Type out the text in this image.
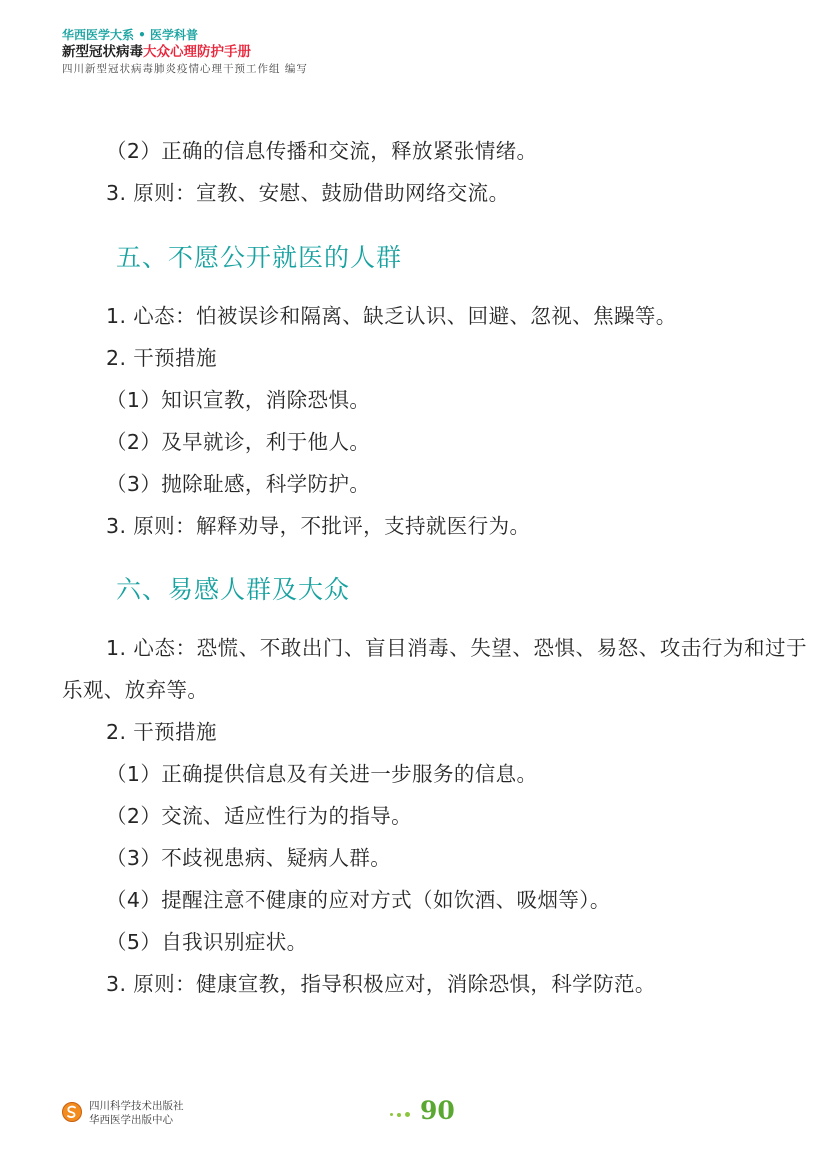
华西医学大系 • 医学科普
新型冠状病毒大众心理防护手册
四川新型冠状病毒肺炎疫情心理干预工作组 编写
（2）正确的信息传播和交流，释放紧张情绪。
3. 原则：宣教、安慰、鼓励借助网络交流。
五、不愿公开就医的人群
1. 心态：怕被误诊和隔离、缺乏认识、回避、忽视、焦躁等。
2. 干预措施
（1）知识宣教，消除恐惧。
（2）及早就诊，利于他人。
（3）抛除耻感，科学防护。
3. 原则：解释劝导，不批评，支持就医行为。
六、易感人群及大众
1. 心态：恐慌、不敢出门、盲目消毒、失望、恐惧、易怒、攻击行为和过于乐观、放弃等。
2. 干预措施
（1）正确提供信息及有关进一步服务的信息。
（2）交流、适应性行为的指导。
（3）不歧视患病、疑病人群。
（4）提醒注意不健康的应对方式（如饮酒、吸烟等）。
（5）自我识别症状。
3. 原则：健康宣教，指导积极应对，消除恐惧，科学防范。
四川科学技术出版社
华西医学出版中心	90
